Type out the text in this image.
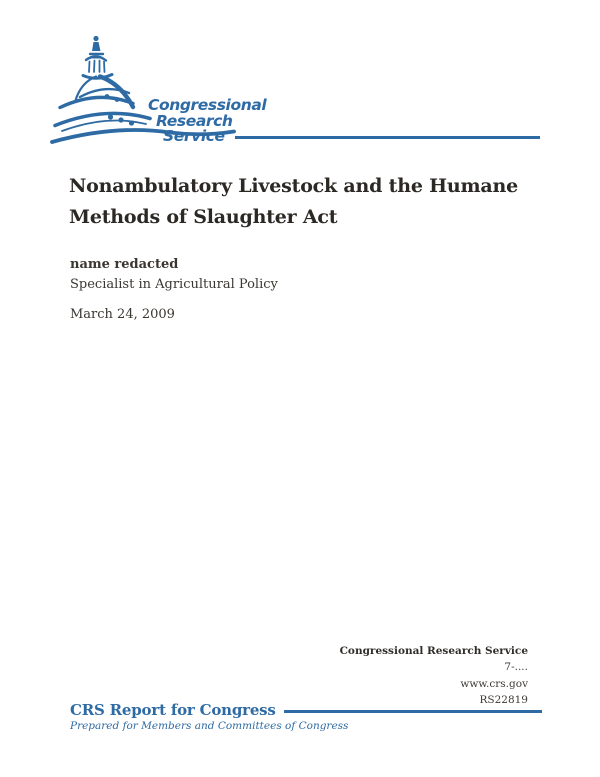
Congressional
Research
Service
Nonambulatory Livestock and the Humane
Methods of Slaughter Act
name redacted
Specialist in Agricultural Policy
March 24, 2009
Congressional Research Service
7-....
www.crs.gov
RS22819
CRS Report for Congress
Prepared for Members and Committees of Congress
